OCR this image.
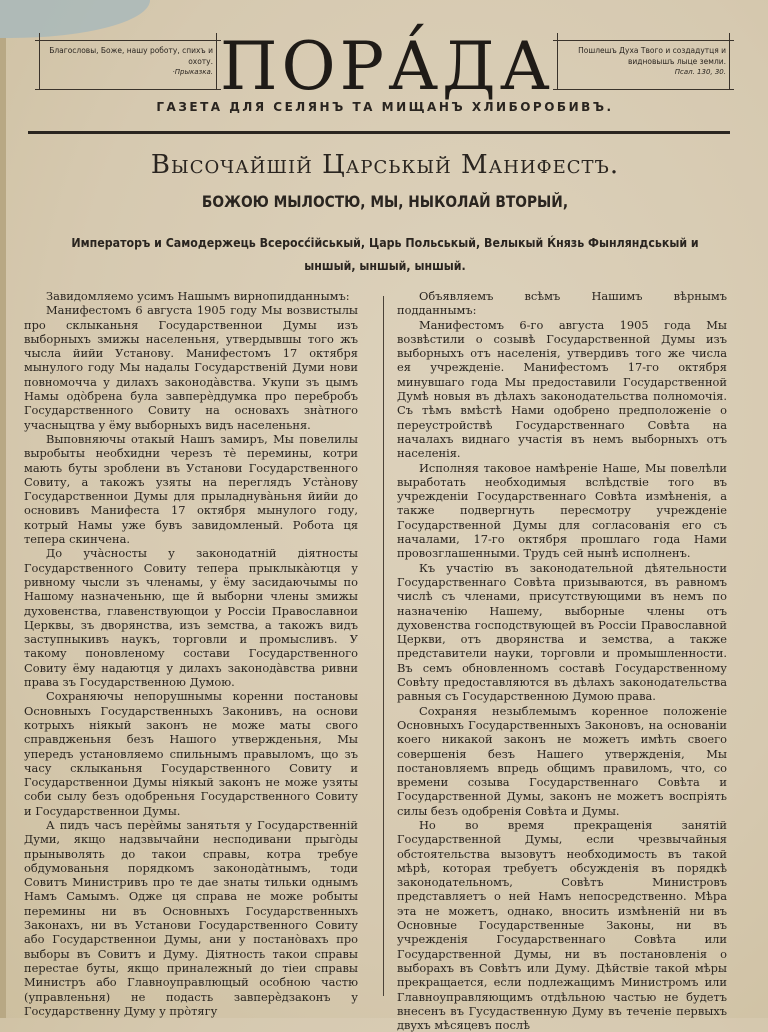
Благословы, Боже, нашу роботу, спихъ и охоту.
·Прыказка. ПОРА́ДА	Пошлешъ Духа Твого и создадутця и видновышъ лыце земли.
Псал. 130, 30.
ГАЗЕТА ДЛЯ СЕЛЯНЪ ТА МИЩАНЪ ХЛИБОРОБИВЪ.
Высочайшій Царськый Манифестъ.
БОЖОЮ МЫЛОСТЮ, МЫ, НЫКОЛАЙ ВТОРЫЙ,
Императоръ и Самодержець Всеросс́ійськый, Царь Польськый, Велыкый Ќнязь Фынляндськый и ыншый, ыншый, ыншый.

Завидомляемо усимъ Нашымъ вирнопидданнымъ:

Манифестомъ 6 августа 1905 году Мы возвистылы про склыканьня Государственнои Думы изъ выборныхъ змижы населеньня, утвердывшы того жъ чысла йийи Установу. Манифестомъ 17 октября мынулого году Мы надалы Государственій Думи нови повномочча у дилахъ законода̀вства. Укупи зъ цымъ Намы одо̀брена була завперѐддумка про перебробъ Государственного Совиту на основахъ зна̀тного учасныцтва у ёму выборныхъ видъ населеньня.

Выповняючы отакый Нашъ замиръ, Мы повелилы выробыты необхидни черезъ тѐ перемины, котри мають буты зроблени въ Установи Государственного Совиту, а такожъ узяты на переглядъ Уста̀нову Государственнои Думы для прыладнува̀ньня йийи до основивъ Манифеста 17 октября мынулого году, котрый Намы уже бувъ завидомленый. Робота ця тепера скинчена.

До уча̀сносты у законодатній діятносты Государственного Совиту тепера прыклыка̀ютця у ривному чысли зъ членамы, у ёму засидаючымы по Нашому назначеньню, ще й выборни члены змижы духовенства, главенствующои у Россіи Православнои Церквы, зъ дворянства, изъ земства, а такожъ видъ заступныкивъ наукъ, торговли и промысливъ. У такому поновленому состави Государственного Совиту ёму надаютця у дилахъ законода̀вства ривни права зъ Государственною Думою.

Сохраняючы непорушнымы коренни постановы Основныхъ Государственныхъ Законивъ, на основи котрыхъ ніякый законъ не може маты свого справдженьня безъ Нашого утвержденьня, Мы упередъ установляемо спильнымъ правыломъ, що зъ часу склыканьня Государственного Совиту и Государственнои Думы ніякый законъ не може узяты соби сылу безъ одобреньня Государственного Совиту и Государственнои Думы.

А пидъ часъ перѐймы занятьтя у Государственній Думи, якщо надзвычайни несподивани прыго̀ды прыныволять до такои справы, котра требуе обдумованьня порядкомъ законода̀тнымъ, тоди Совитъ Министривъ про те дае знаты тильки однымъ Намъ Самымъ. Одже ця справа не може робыты перемины ни въ Основныхъ Государственныхъ Законахъ, ни въ Установи Государственного Совиту або Государственнои Думы, ани у постано̀вахъ про выборы въ Совитъ и Думу. Діятность такои справы перестае буты, якщо приналежный до тіеи справы Министръ або Главноуправлющый особною частю (управленьня) не подасть завперѐдзаконъ у Государственну Думу у про̀тягу

Объявляемъ всѣмъ Нашимъ вѣрнымъ подданнымъ:

Манифестомъ 6-го августа 1905 года Мы возвѣстили о созывѣ Государственной Думы изъ выборныхъ отъ населенія, утвердивъ того же числа ея учрежденіе. Манифестомъ 17-го октября минувшаго года Мы предоставили Государственной Думѣ новыя въ дѣлахъ законодательства полномочія. Съ тѣмъ вмѣстѣ Нами одобрено предположеніе о переустройствѣ Государственнаго Совѣта на началахъ виднаго участія въ немъ выборныхъ отъ населенія.

Исполняя таковое намѣреніе Наше, Мы повелѣли выработать необходимыя вслѣдствіе того въ учрежденіи Государственнаго Совѣта измѣненія, а также подвергнуть пересмотру учрежденіе Государственной Думы для согласованія его съ началами, 17-го октября прошлаго года Нами провозглашенными. Трудъ сей нынѣ исполненъ.

Къ участію въ законодательной дѣятельности Государственнаго Совѣта призываются, въ равномъ числѣ съ членами, присутствующими въ немъ по назначенію Нашему, выборные члены отъ духовенства господствующей въ Россіи Православной Церкви, отъ дворянства и земства, а также представители науки, торговли и промышленности. Въ семъ обновленномъ составѣ Государственному Совѣту предоставляются въ дѣлахъ законодательства равныя съ Государственною Думою права.

Сохраняя незыблемымъ коренное положеніе Основныхъ Государственныхъ Законовъ, на основаніи коего никакой законъ не можетъ имѣть своего совершенія безъ Нашего утвержденія, Мы постановляемъ впредь общимъ правиломъ, что, со времени созыва Государственнаго Совѣта и Государственной Думы, законъ не можетъ воспріять силы безъ одобренія Совѣта и Думы.

Но во время прекращенія занятій Государственной Думы, если чрезвычайныя обстоятельства вызовутъ необходимость въ такой мѣрѣ, которая требуетъ обсужденія въ порядкѣ законодательномъ, Совѣтъ Министровъ представляетъ о ней Намъ непосредственно. Мѣра эта не можетъ, однако, вносить измѣненій ни въ Основные Государственные Законы, ни въ учрежденія Государственнаго Совѣта или Государственной Думы, ни въ постановленія о выборахъ въ Совѣтъ или Думу. Дѣйствіе такой мѣры прекращается, если подлежащимъ Министромъ или Главноуправляющимъ отдѣльною частью не будетъ внесенъ въ Гусудаственную Думу въ теченіе первыхъ двухъ мѣсяцевъ послѣ
